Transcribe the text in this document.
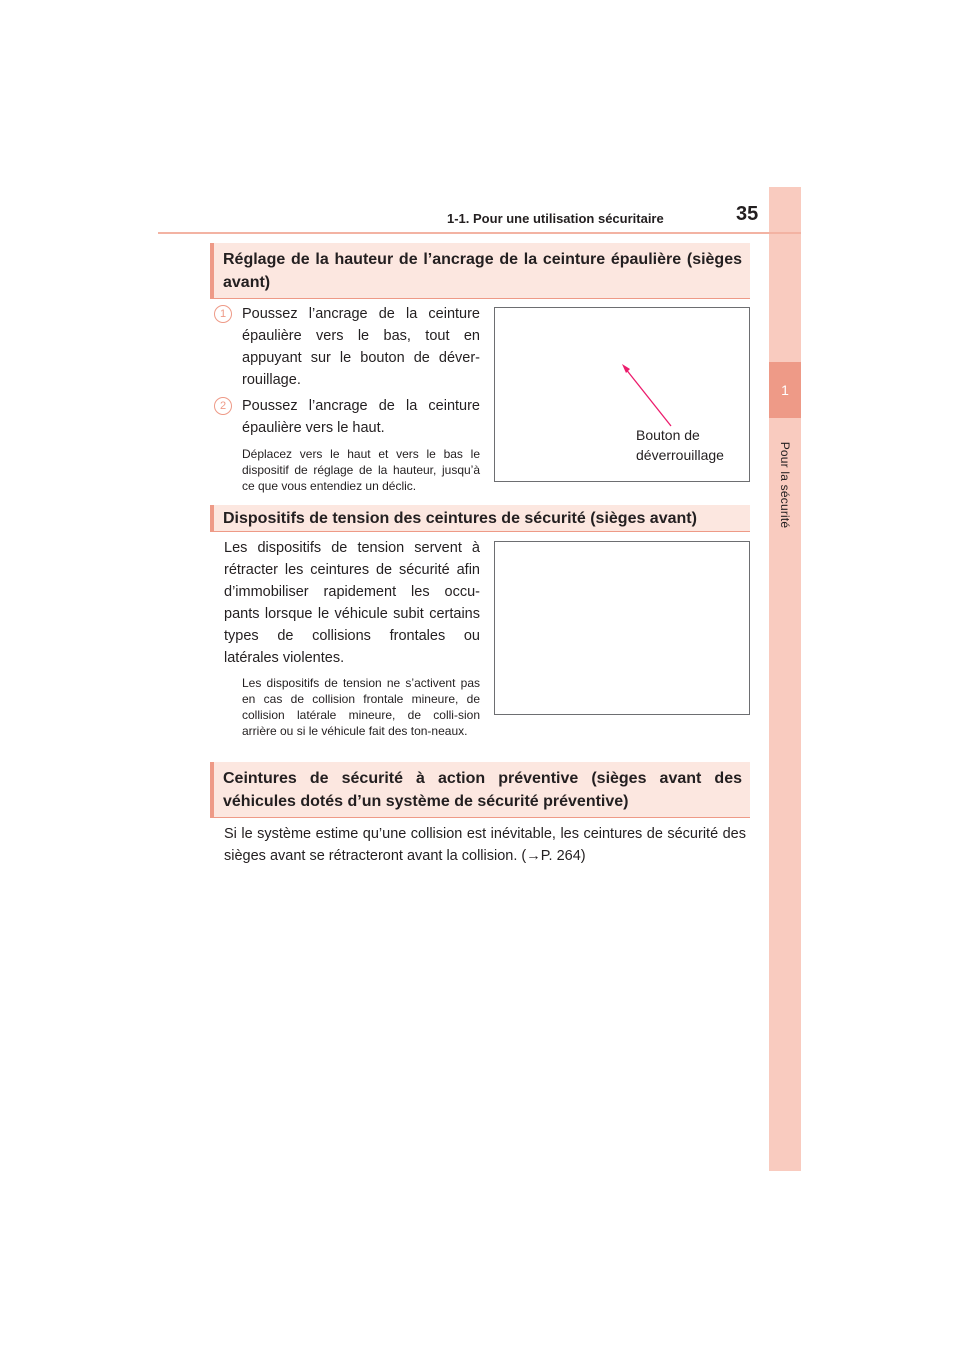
1
Pour la sécurité
1-1. Pour une utilisation sécuritaire	35
Réglage de la hauteur de l’ancrage de la ceinture épaulière (sièges avant)
1	Poussez l’ancrage de la ceinture épaulière vers le bas, tout en appuyant sur le bouton de déver-rouillage.
2	Poussez l’ancrage de la ceinture épaulière vers le haut.
Déplacez vers le haut et vers le bas le dispositif de réglage de la hauteur, jusqu’à ce que vous entendiez un déclic.
Bouton de
déverrouillage
Dispositifs de tension des ceintures de sécurité (sièges avant)
Les dispositifs de tension servent à rétracter les ceintures de sécurité afin d’immobiliser rapidement les occu-pants lorsque le véhicule subit certains types de collisions frontales ou latérales violentes.
Les dispositifs de tension ne s’activent pas en cas de collision frontale mineure, de collision latérale mineure, de colli-sion arrière ou si le véhicule fait des ton-neaux.
Ceintures de sécurité à action préventive (sièges avant des véhicules dotés d’un système de sécurité préventive)
Si le système estime qu’une collision est inévitable, les ceintures de sécurité des sièges avant se rétracteront avant la collision. (→P. 264)
